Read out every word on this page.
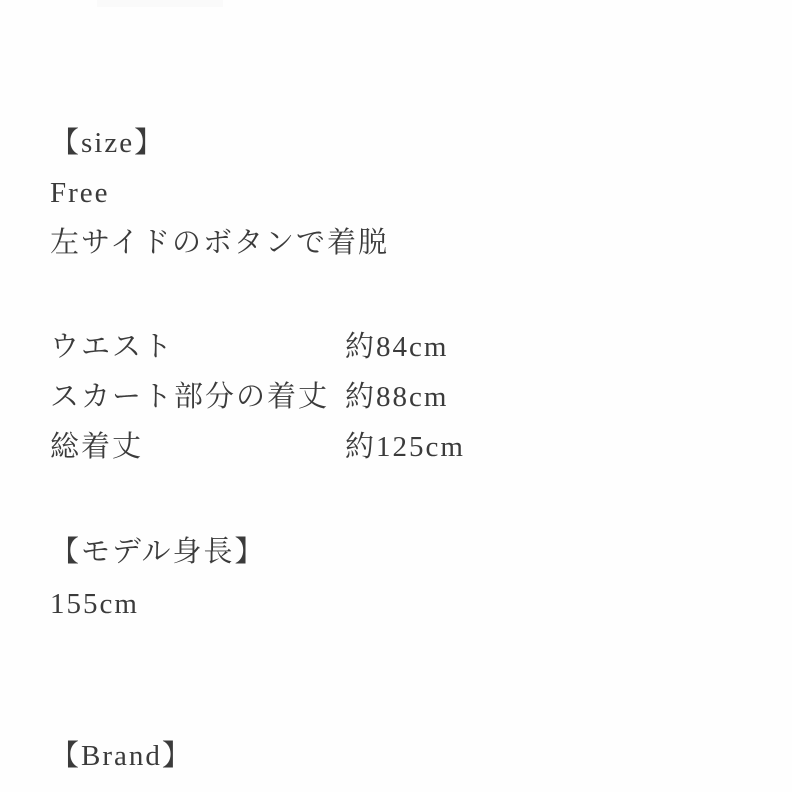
【size】
Free
左サイドのボタンで着脱
ウエスト	約84cm
スカート部分の着丈 約88cm
総着丈	約125cm
【モデル身長】
155cm
【Brand】
